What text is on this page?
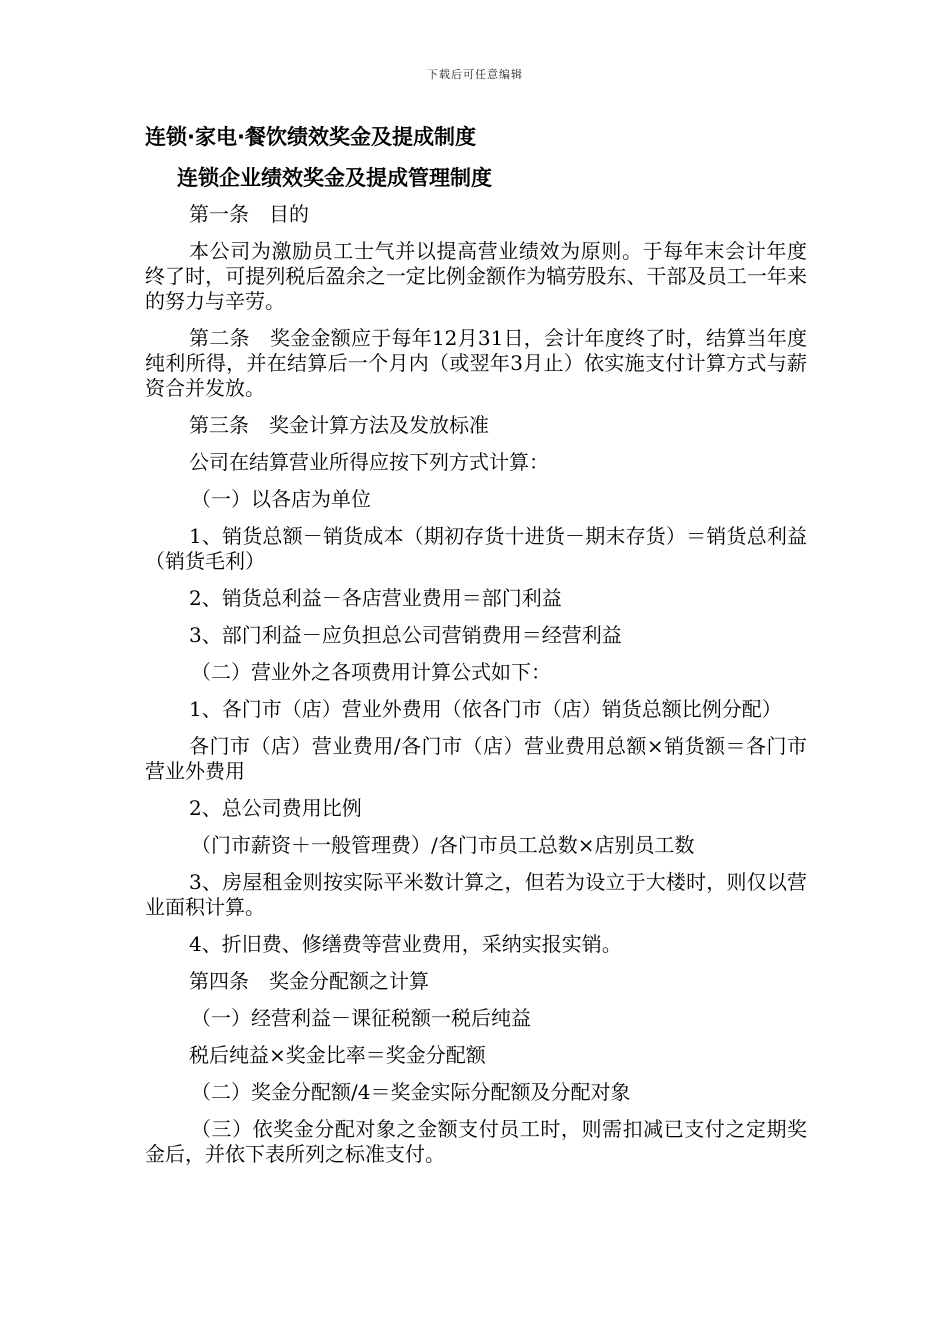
下载后可任意编辑
连锁·家电·餐饮绩效奖金及提成制度
连锁企业绩效奖金及提成管理制度
第一条　目的
本公司为激励员工士气并以提高营业绩效为原则。于每年末会计年度终了时，可提列税后盈余之一定比例金额作为犒劳股东、干部及员工一年来的努力与辛劳。
第二条　奖金金额应于每年12月31日，会计年度终了时，结算当年度纯利所得，并在结算后一个月内（或翌年3月止）依实施支付计算方式与薪资合并发放。
第三条　奖金计算方法及发放标准
公司在结算营业所得应按下列方式计算：
（一）以各店为单位
1、销货总额－销货成本（期初存货十进货－期末存货）＝销货总利益（销货毛利）
2、销货总利益－各店营业费用＝部门利益
3、部门利益－应负担总公司营销费用＝经营利益
（二）营业外之各项费用计算公式如下：
1、各门市（店）营业外费用（依各门市（店）销货总额比例分配）
各门市（店）营业费用/各门市（店）营业费用总额×销货额＝各门市营业外费用
2、总公司费用比例
（门市薪资＋一般管理费）/各门市员工总数×店别员工数
3、房屋租金则按实际平米数计算之，但若为设立于大楼时，则仅以营业面积计算。
4、折旧费、修缮费等营业费用，采纳实报实销。
第四条　奖金分配额之计算
（一）经营利益－课征税额一税后纯益
税后纯益×奖金比率＝奖金分配额
（二）奖金分配额/4＝奖金实际分配额及分配对象
（三）依奖金分配对象之金额支付员工时，则需扣减已支付之定期奖金后，并依下表所列之标准支付。
